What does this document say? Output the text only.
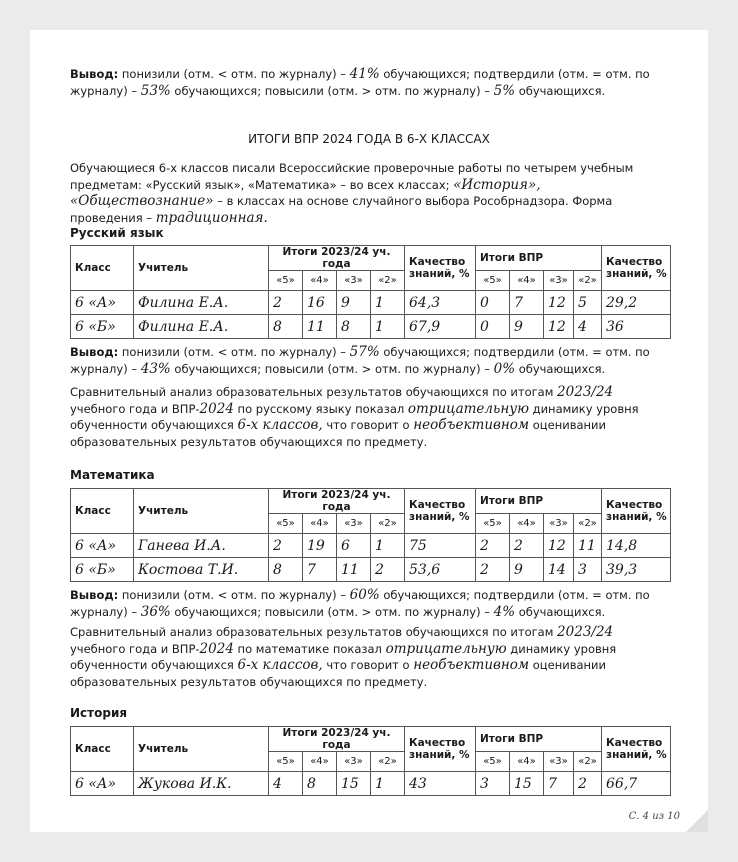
Вывод: понизили (отм. < отм. по журналу) – 41% обучающихся; подтвердили (отм. = отм. по журналу) – 53% обучающихся; повысили (отм. > отм. по журналу) – 5% обучающихся.
ИТОГИ ВПР 2024 ГОДА В 6-Х КЛАССАХ
Обучающиеся 6-х классов писали Всероссийские проверочные работы по четырем учебным предметам: «Русский язык», «Математика» – во всех классах; «История», «Обществознание» – в классах на основе случайного выбора Рособрнадзора. Форма проведения – традиционная.
Русский язык
Класс	Учитель	Итоги 2023/24 уч. года				Качество знаний, %	Итоги ВПР				Качество знаний, %
		«5»	«4»	«3»	«2»		«5»	«4»	«3»	«2»	
6 «А»	Филина Е.А.	2	16	9	1	64,3	0	7	12	5	29,2
6 «Б»	Филина Е.А.	8	11	8	1	67,9	0	9	12	4	36
Вывод: понизили (отм. < отм. по журналу) – 57% обучающихся; подтвердили (отм. = отм. по журналу) – 43% обучающихся; повысили (отм. > отм. по журналу) – 0% обучающихся.
Сравнительный анализ образовательных результатов обучающихся по итогам 2023/24 учебного года и ВПР-2024 по русскому языку показал отрицательную динамику уровня обученности обучающихся 6-х классов, что говорит о необъективном оценивании образовательных результатов обучающихся по предмету.
Математика
Класс	Учитель	Итоги 2023/24 уч. года				Качество знаний, %	Итоги ВПР				Качество знаний, %
		«5»	«4»	«3»	«2»		«5»	«4»	«3»	«2»	
6 «А»	Ганева И.А.	2	19	6	1	75	2	2	12	11	14,8
6 «Б»	Костова Т.И.	8	7	11	2	53,6	2	9	14	3	39,3
Вывод: понизили (отм. < отм. по журналу) – 60% обучающихся; подтвердили (отм. = отм. по журналу) – 36% обучающихся; повысили (отм. > отм. по журналу) – 4% обучающихся.
Сравнительный анализ образовательных результатов обучающихся по итогам 2023/24 учебного года и ВПР-2024 по математике показал отрицательную динамику уровня обученности обучающихся 6-х классов, что говорит о необъективном оценивании образовательных результатов обучающихся по предмету.
История
Класс	Учитель	Итоги 2023/24 уч. года				Качество знаний, %	Итоги ВПР				Качество знаний, %
		«5»	«4»	«3»	«2»		«5»	«4»	«3»	«2»	
6 «А»	Жукова И.К.	4	8	15	1	43	3	15	7	2	66,7
С. 4 из 10
